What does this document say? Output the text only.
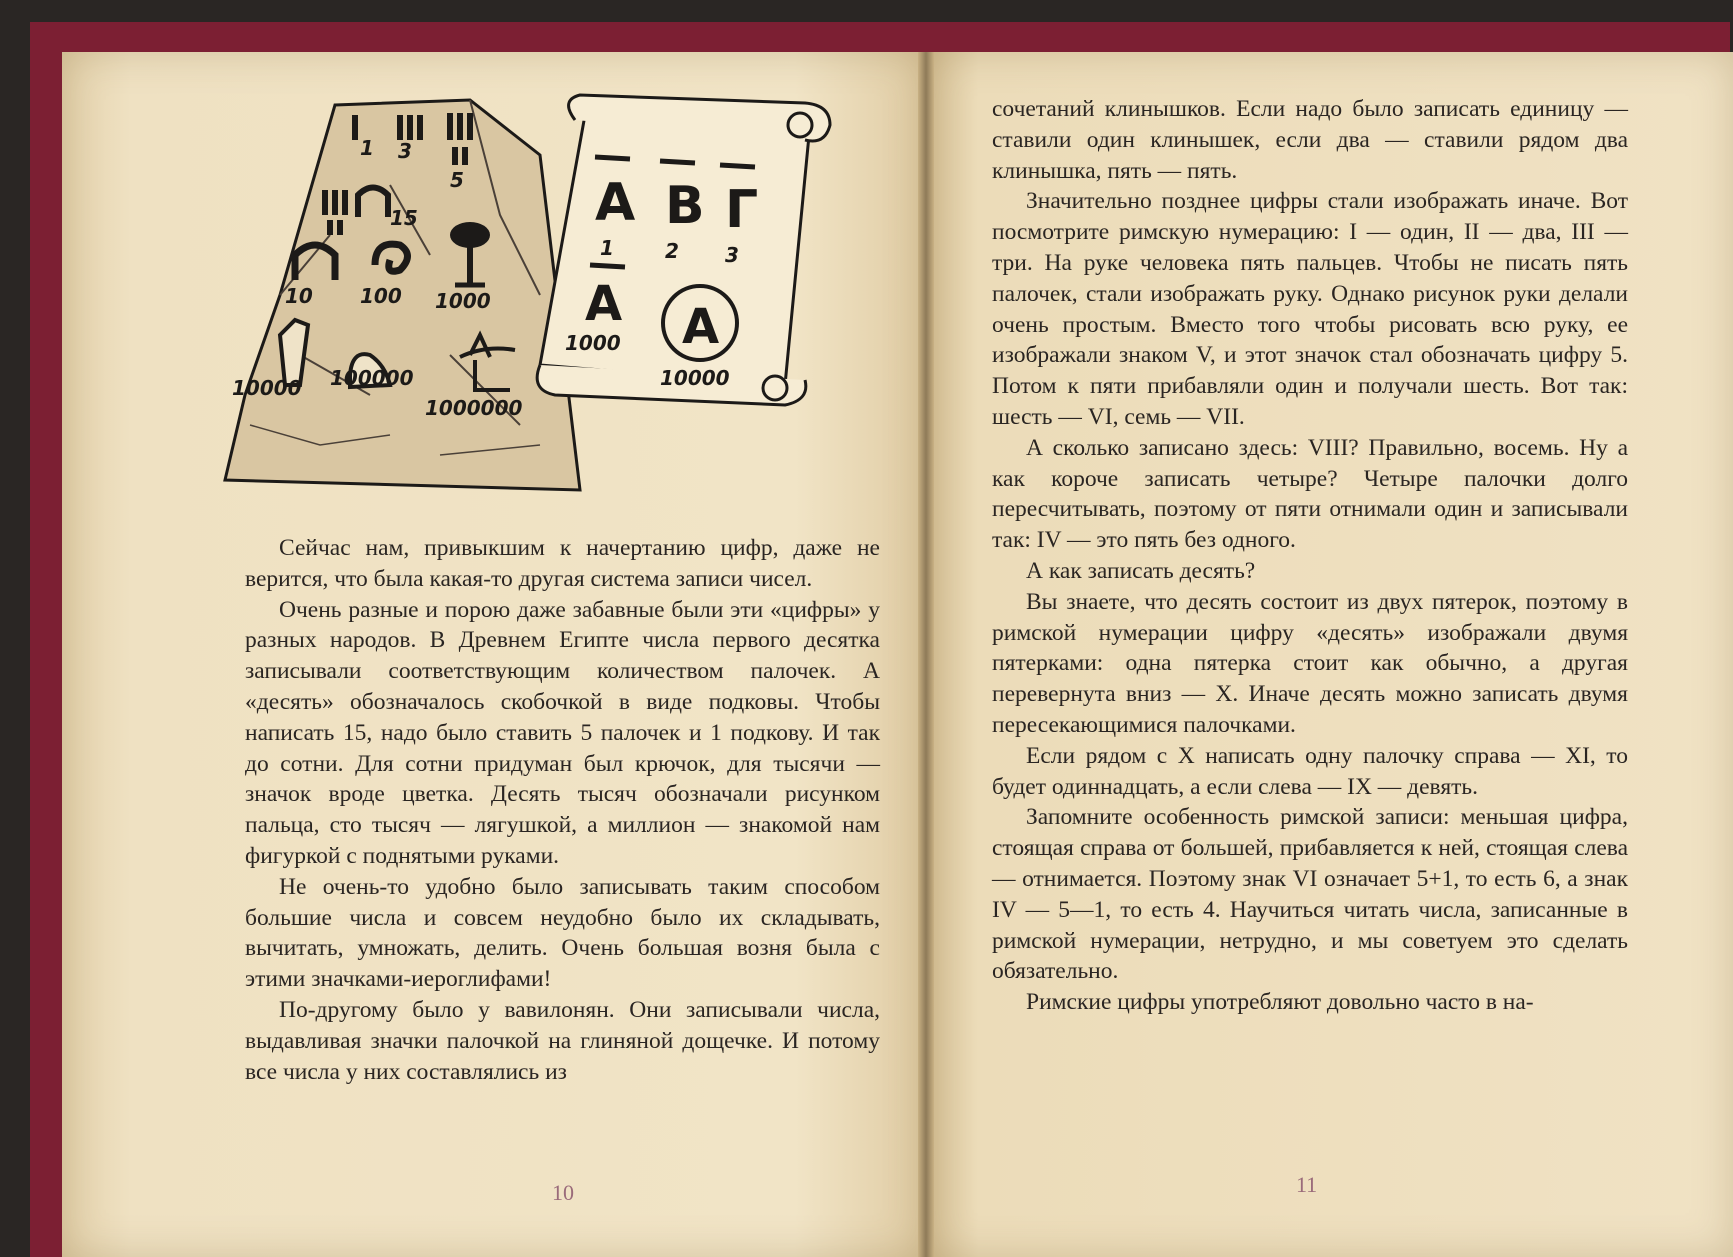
1 3
5
15
10 100 1000
10000 100000
1000000
А В Г
А
1	2 3
1000 А
10000

Сейчас нам, привыкшим к начертанию цифр, даже не верится, что была какая-то другая система записи чисел.

Очень разные и порою даже забавные были эти «цифры» у разных народов. В Древнем Египте числа первого десятка записывали соответствующим количеством палочек. А «десять» обозначалось скобочкой в виде подковы. Чтобы написать 15, надо было ставить 5 палочек и 1 подкову. И так до сотни. Для сотни придуман был крючок, для тысячи — значок вроде цветка. Десять тысяч обозначали рисунком пальца, сто тысяч — лягушкой, а миллион — знакомой нам фигуркой с поднятыми руками.

Не очень-то удобно было записывать таким способом большие числа и совсем неудобно было их складывать, вычитать, умножать, делить. Очень большая возня была с этими значками-иероглифами!

По-другому было у вавилонян. Они записывали числа, выдавливая значки палочкой на глиняной дощечке. И потому все числа у них составлялись из

10

сочетаний клинышков. Если надо было записать единицу — ставили один клинышек, если два — ставили рядом два клинышка, пять — пять.

Значительно позднее цифры стали изображать иначе. Вот посмотрите римскую нумерацию: I — один, II — два, III — три. На руке человека пять пальцев. Чтобы не писать пять палочек, стали изображать руку. Однако рисунок руки делали очень простым. Вместо того чтобы рисовать всю руку, ее изображали знаком V, и этот значок стал обозначать цифру 5. Потом к пяти прибавляли один и получали шесть. Вот так: шесть — VI, семь — VII.

А сколько записано здесь: VIII? Правильно, восемь. Ну а как короче записать четыре? Четыре палочки долго пересчитывать, поэтому от пяти отнимали один и записывали так: IV — это пять без одного.

А как записать десять?

Вы знаете, что десять состоит из двух пятерок, поэтому в римской нумерации цифру «десять» изображали двумя пятерками: одна пятерка стоит как обычно, а другая перевернута вниз — X. Иначе десять можно записать двумя пересекающимися палочками.

Если рядом с X написать одну палочку справа — XI, то будет одиннадцать, а если слева — IX — девять.

Запомните особенность римской записи: меньшая цифра, стоящая справа от большей, прибавляется к ней, стоящая слева — отнимается. Поэтому знак VI означает 5+1, то есть 6, а знак IV — 5—1, то есть 4. Научиться читать числа, записанные в римской нумерации, нетрудно, и мы советуем это сделать обязательно.

Римские цифры употребляют довольно часто в на-

11
